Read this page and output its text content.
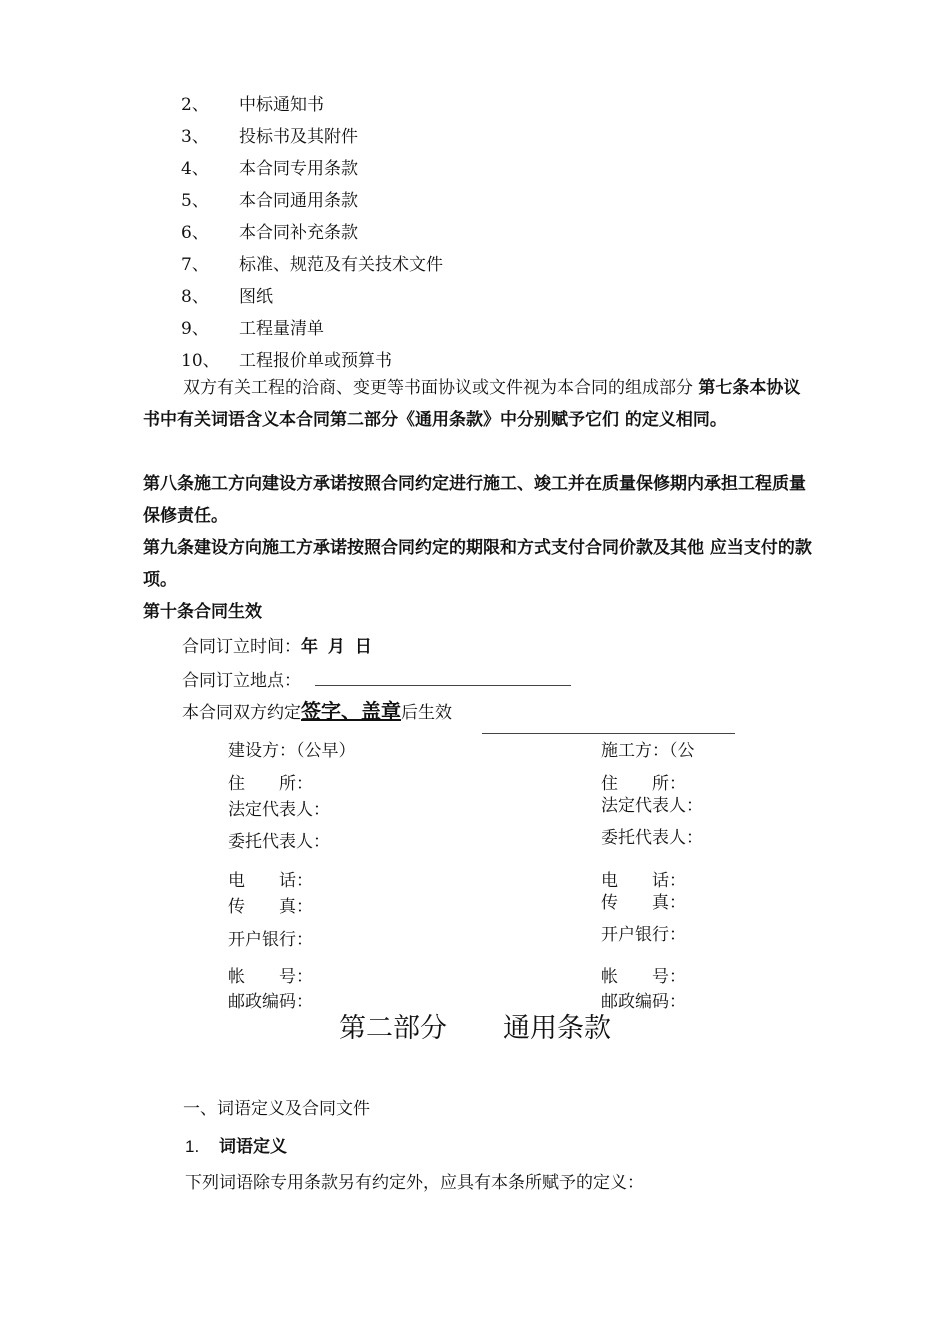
2、 中标通知书
3、 投标书及其附件
4、 本合同专用条款
5、 本合同通用条款
6、 本合同补充条款
7、 标准、规范及有关技术文件
8、 图纸
9、 工程量清单
10、 工程报价单或预算书
双方有关工程的洽商、变更等书面协议或文件视为本合同的组成部分 第七条本协议书中有关词语含义本合同第二部分《通用条款》中分别赋予它们 的定义相同。
第八条施工方向建设方承诺按照合同约定进行施工、竣工并在质量保修期内承担工程质量保修责任。
第九条建设方向施工方承诺按照合同约定的期限和方式支付合同价款及其他 应当支付的款项。
第十条合同生效
合同订立时间：年 月 日
合同订立地点：
本合同双方约定签字、盖章后生效
建设方：（公早）
住　　所：
法定代表人：
委托代表人：
电　　话：
传　　真：
开户银行：
帐　　号：
邮政编码：
施工方：（公
住　　所：
法定代表人：
委托代表人：
电　　话：
传　　真：
开户银行：
帐　　号：
邮政编码：
第二部分 通用条款
一、词语定义及合同文件
1. 词语定义
下列词语除专用条款另有约定外，应具有本条所赋予的定义：
